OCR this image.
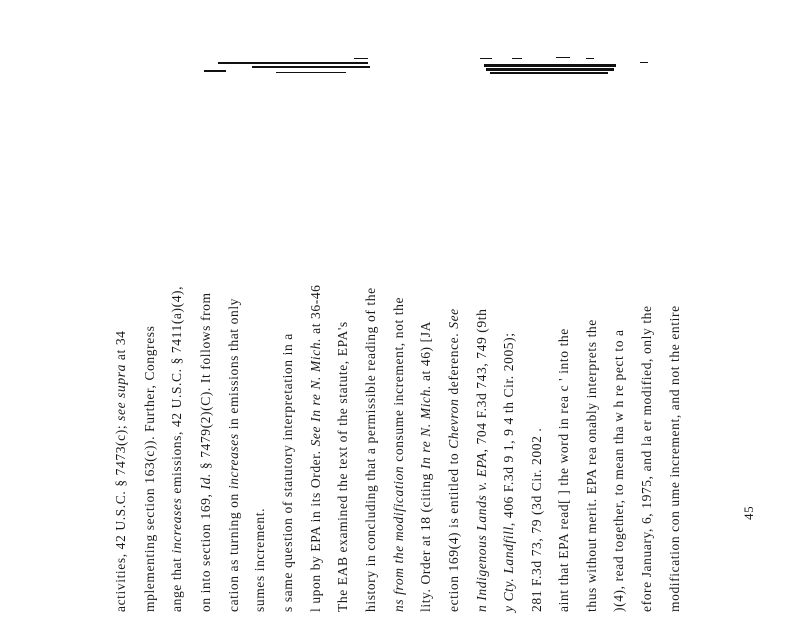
activities, 42 U.S.C. § 7473(c); see supra at 34 mplementing section 163(c)). Further, Congress ange that increases emissions, 42 U.S.C. § 7411(a)(4),
on into section 169, Id. § 7479(2)(C). It follows from
cation as turning on increases in emissions that only
sumes increment. s same question of statutory interpretation in a l upon by EPA in its Order. See In re N. Mich. at 36-46
The EAB examined the text of the statute, EPA's history in concluding that a permissible reading of the ns from the modification consume increment, not the
lity. Order at 18 (citing In re N. Mich. at 46) [JA
ection 169(4) is entitled to Chevron deference. See
n Indigenous Lands v. EPA, 704 F.3d 743, 749 (9th
y Cty. Landfill, 406 F.3d 9 1, 9 4 th Cir. 2005); 281 F.3d 73, 79 (3d Cir. 2002 . aint that EPA read[ ] the word in rea c ' into the thus without merit. EPA rea onably interprets the )(4), read together, to mean tha w h re pect to a efore January, 6, 1975, and la er modified, only the modification con ume increment, and not the entire	45
